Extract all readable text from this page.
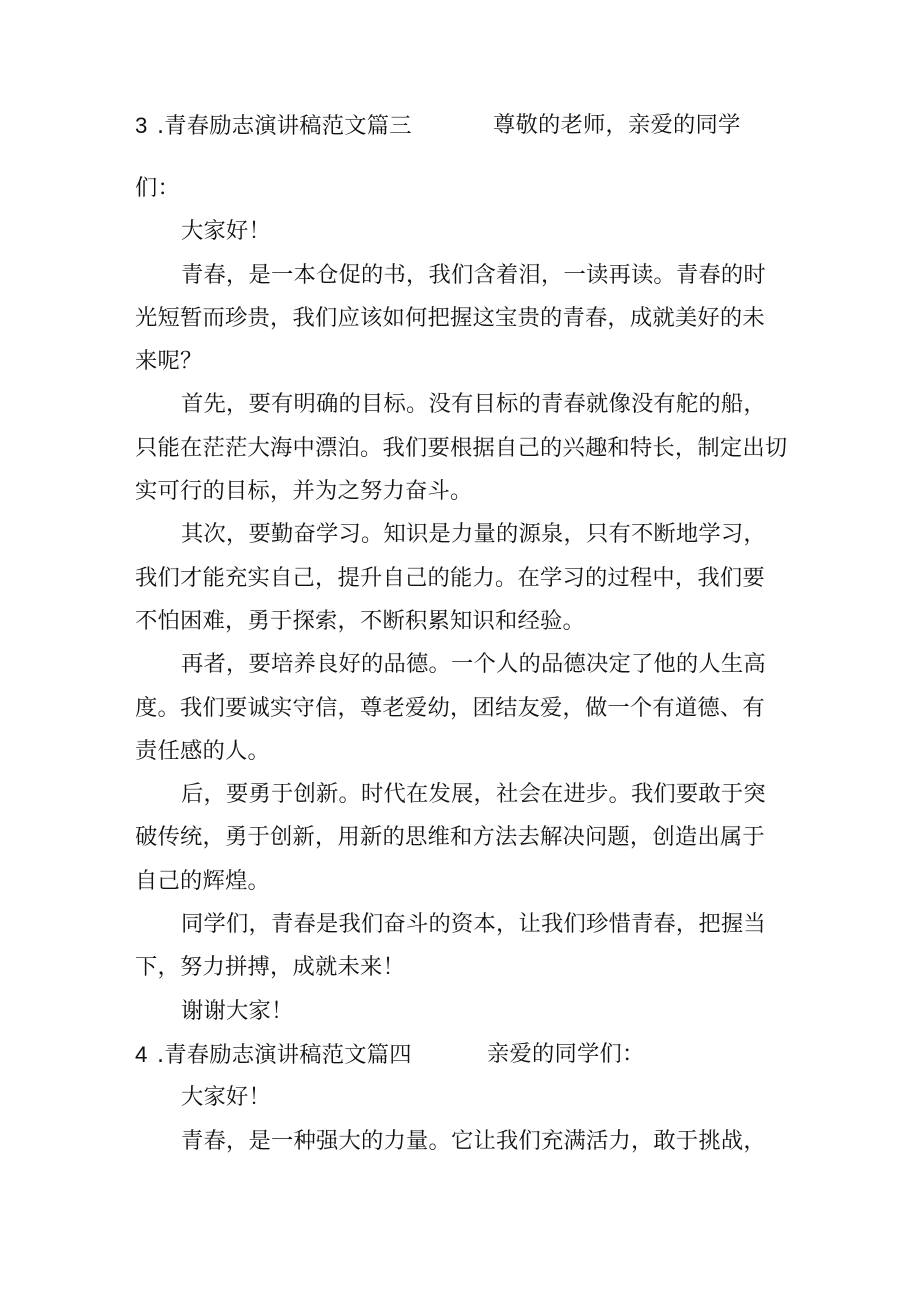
3 .青春励志演讲稿范文篇三	尊敬的老师，亲爱的同学
们：
大家好！
青春，是一本仓促的书，我们含着泪，一读再读。青春的时
光短暂而珍贵，我们应该如何把握这宝贵的青春，成就美好的未
来呢？
首先，要有明确的目标。没有目标的青春就像没有舵的船，
只能在茫茫大海中漂泊。我们要根据自己的兴趣和特长，制定出切
实可行的目标，并为之努力奋斗。
其次，要勤奋学习。知识是力量的源泉，只有不断地学习，
我们才能充实自己，提升自己的能力。在学习的过程中，我们要
不怕困难，勇于探索，不断积累知识和经验。
再者，要培养良好的品德。一个人的品德决定了他的人生高
度。我们要诚实守信，尊老爱幼，团结友爱，做一个有道德、有
责任感的人。
后，要勇于创新。时代在发展，社会在进步。我们要敢于突
破传统，勇于创新，用新的思维和方法去解决问题，创造出属于
自己的辉煌。
同学们，青春是我们奋斗的资本，让我们珍惜青春，把握当
下，努力拼搏，成就未来！
谢谢大家！
4 .青春励志演讲稿范文篇四	亲爱的同学们：
大家好！
青春，是一种强大的力量。它让我们充满活力，敢于挑战，
